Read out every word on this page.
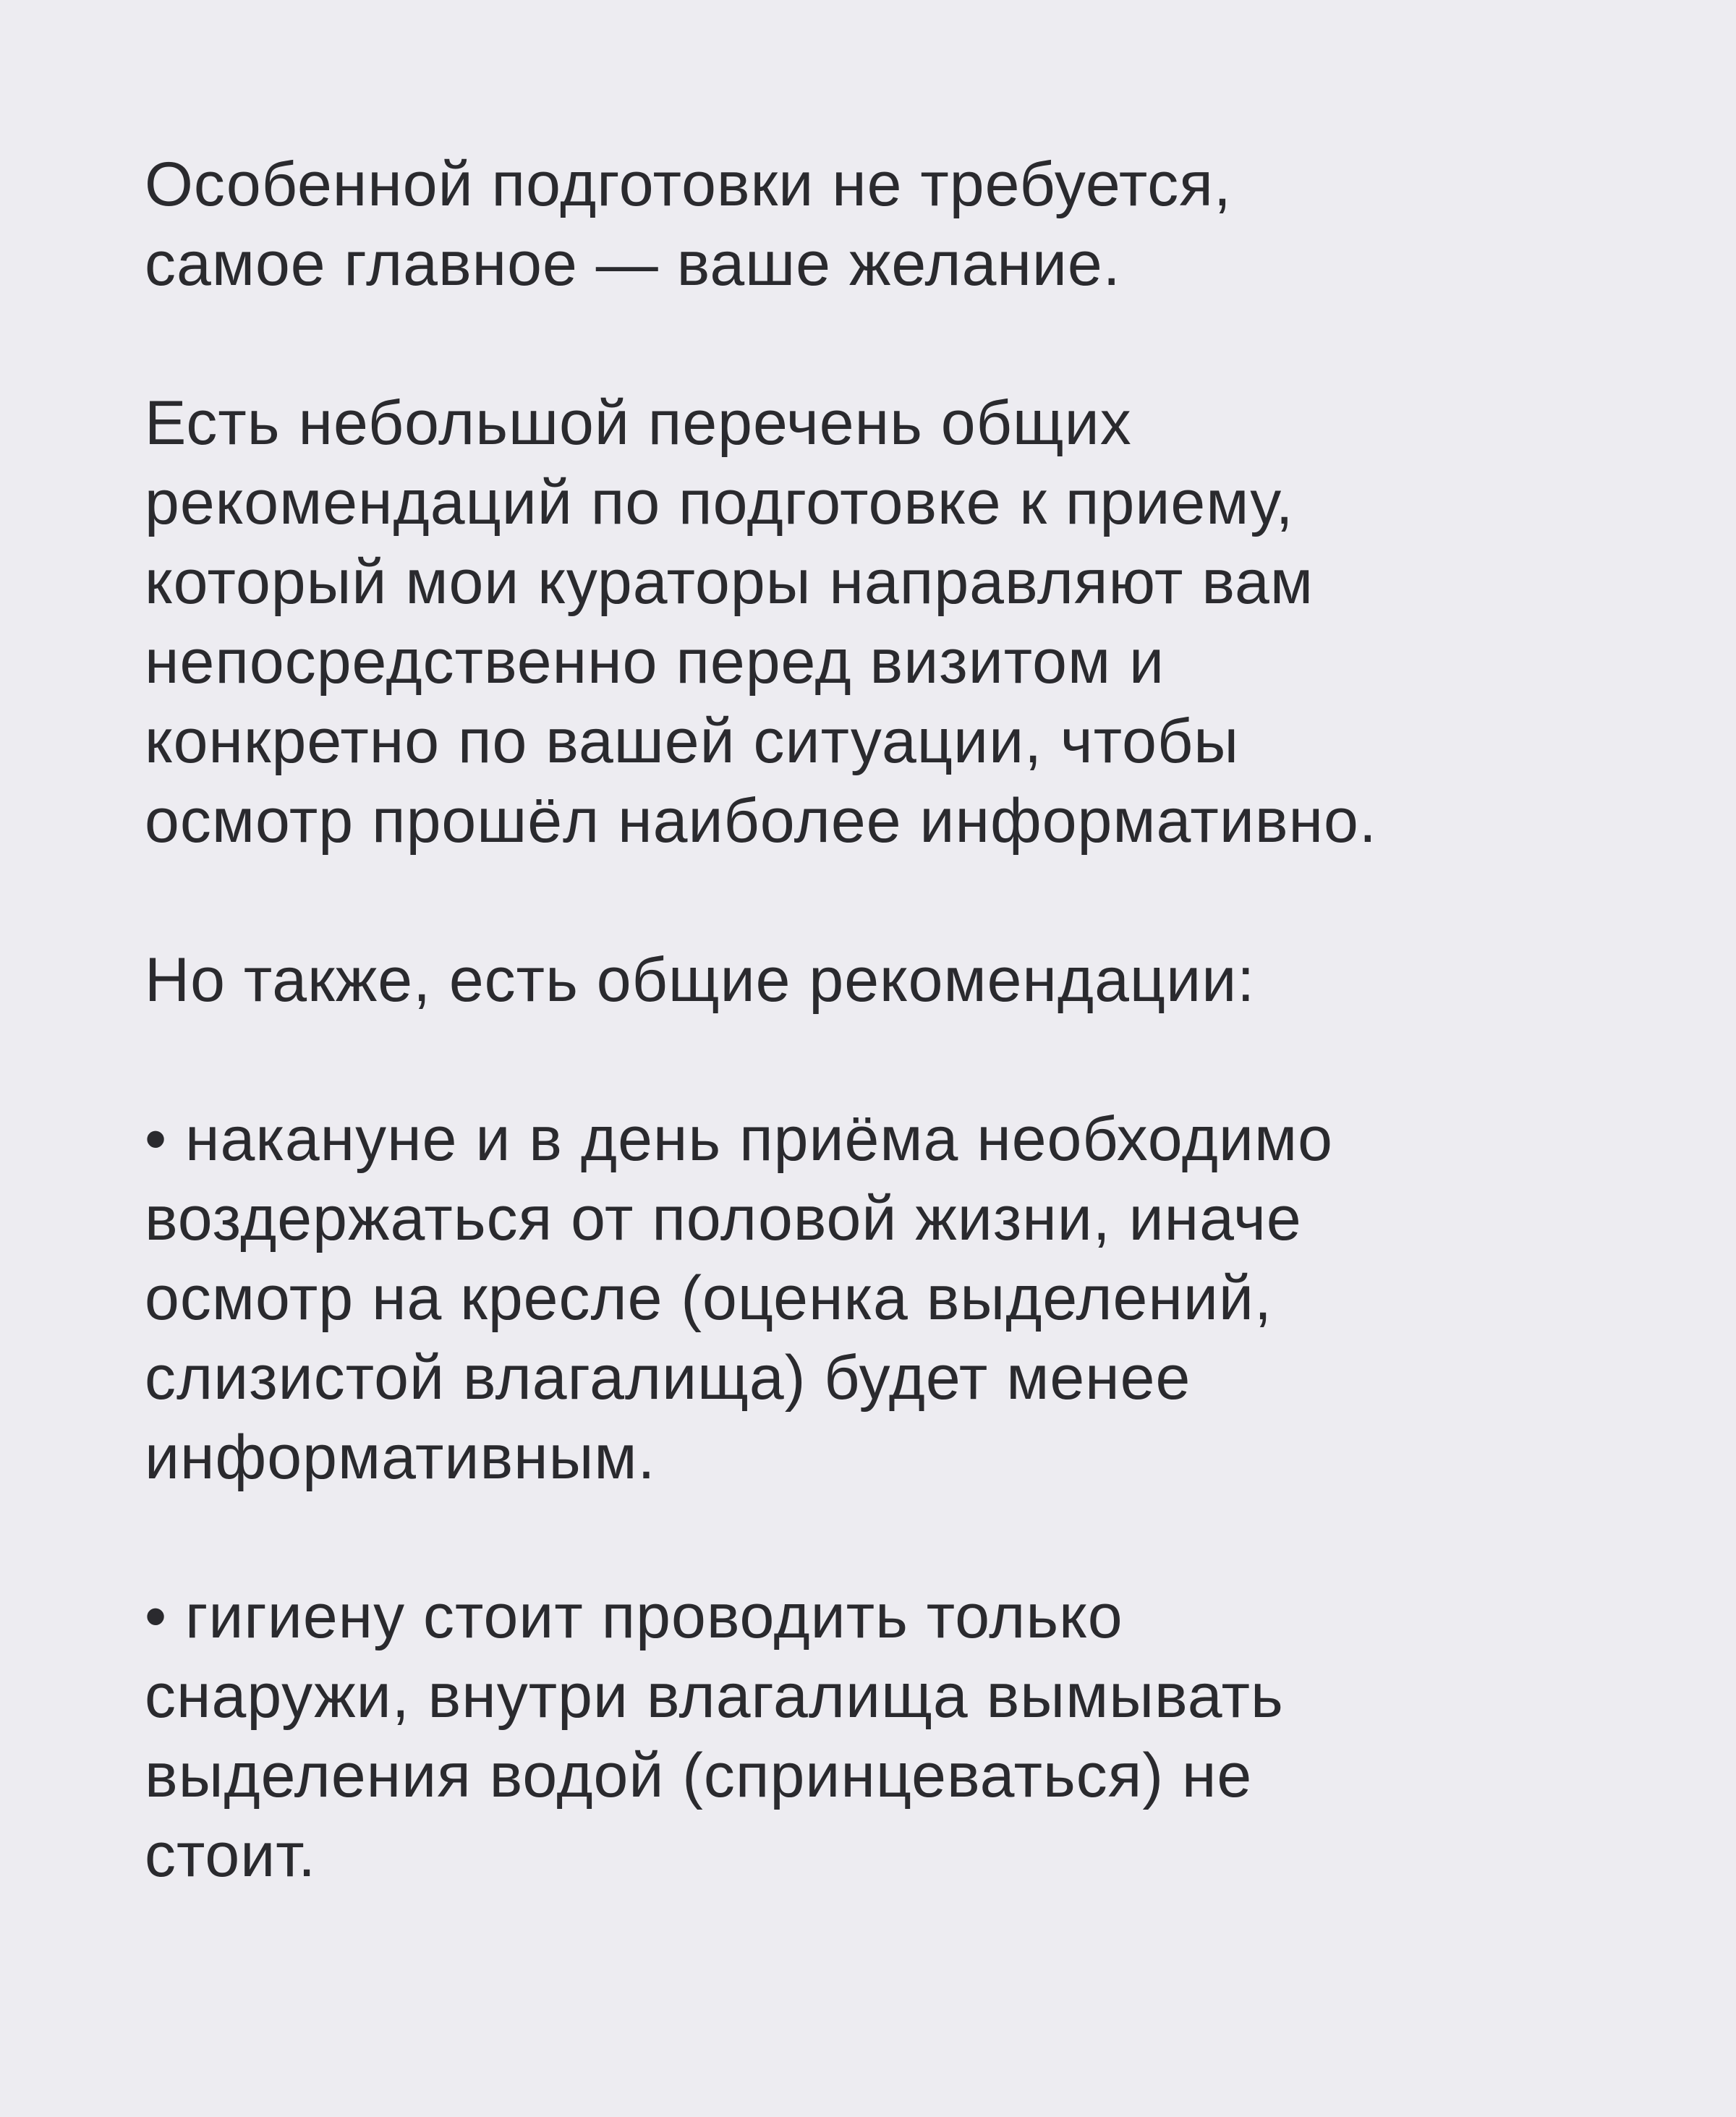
Особенной подготовки не требуется,
самое главное — ваше желание.

Есть небольшой перечень общих
рекомендаций по подготовке к приему,
который мои кураторы направляют вам
непосредственно перед визитом и
конкретно по вашей ситуации, чтобы
осмотр прошёл наиболее информативно.

Но также, есть общие рекомендации:

• накануне и в день приёма необходимо
воздержаться от половой жизни, иначе
осмотр на кресле (оценка выделений,
слизистой влагалища) будет менее
информативным.

• гигиену стоит проводить только
снаружи, внутри влагалища вымывать
выделения водой (спринцеваться) не
стоит.
